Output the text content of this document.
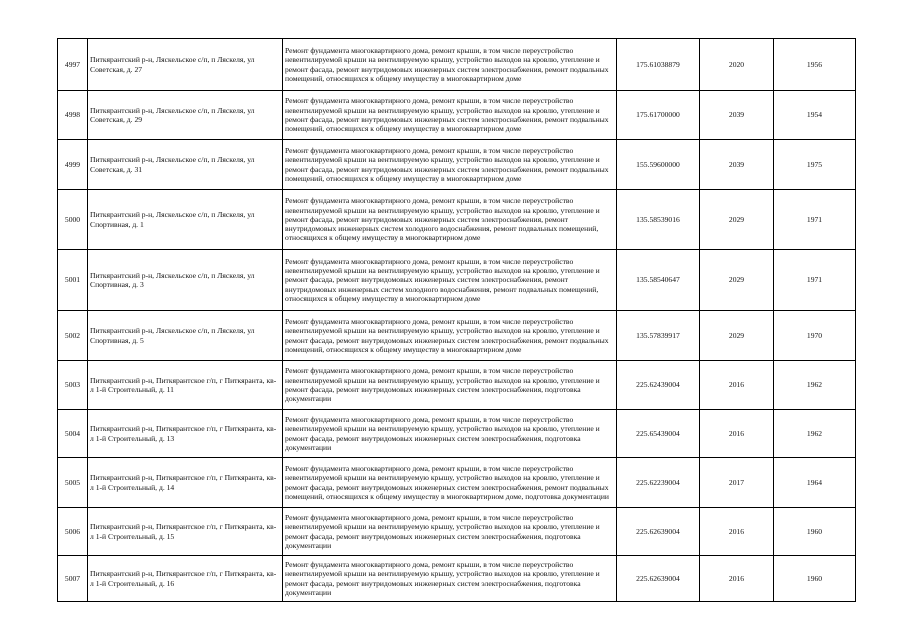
4997	Питкярантский р-н, Ляскельское с/п, п Ляскеля, ул Советская, д. 27	Ремонт фундамента многоквартирного дома, ремонт крыши, в том числе переустройство невентилируемой крыши на вентилируемую крышу, устройство выходов на кровлю, утепление и ремонт фасада, ремонт внутридомовых инженерных систем электроснабжения, ремонт подвальных помещений, относящихся к общему имуществу в многоквартирном доме	175.61038879	2020	1956
4998	Питкярантский р-н, Ляскельское с/п, п Ляскеля, ул Советская, д. 29	Ремонт фундамента многоквартирного дома, ремонт крыши, в том числе переустройство невентилируемой крыши на вентилируемую крышу, устройство выходов на кровлю, утепление и ремонт фасада, ремонт внутридомовых инженерных систем электроснабжения, ремонт подвальных помещений, относящихся к общему имуществу в многоквартирном доме	175.61700000	2039	1954
4999	Питкярантский р-н, Ляскельское с/п, п Ляскеля, ул Советская, д. 31	Ремонт фундамента многоквартирного дома, ремонт крыши, в том числе переустройство невентилируемой крыши на вентилируемую крышу, устройство выходов на кровлю, утепление и ремонт фасада, ремонт внутридомовых инженерных систем электроснабжения, ремонт подвальных помещений, относящихся к общему имуществу в многоквартирном доме	155.59600000	2039	1975
5000	Питкярантский р-н, Ляскельское с/п, п Ляскеля, ул Спортивная, д. 1	Ремонт фундамента многоквартирного дома, ремонт крыши, в том числе переустройство невентилируемой крыши на вентилируемую крышу, устройство выходов на кровлю, утепление и ремонт фасада, ремонт внутридомовых инженерных систем электроснабжения, ремонт внутридомовых инженерных систем холодного водоснабжения, ремонт подвальных помещений, относящихся к общему имуществу в многоквартирном доме	135.58539016	2029	1971
5001	Питкярантский р-н, Ляскельское с/п, п Ляскеля, ул Спортивная, д. 3	Ремонт фундамента многоквартирного дома, ремонт крыши, в том числе переустройство невентилируемой крыши на вентилируемую крышу, устройство выходов на кровлю, утепление и ремонт фасада, ремонт внутридомовых инженерных систем электроснабжения, ремонт внутридомовых инженерных систем холодного водоснабжения, ремонт подвальных помещений, относящихся к общему имуществу в многоквартирном доме	135.58540647	2029	1971
5002	Питкярантский р-н, Ляскельское с/п, п Ляскеля, ул Спортивная, д. 5	Ремонт фундамента многоквартирного дома, ремонт крыши, в том числе переустройство невентилируемой крыши на вентилируемую крышу, устройство выходов на кровлю, утепление и ремонт фасада, ремонт внутридомовых инженерных систем электроснабжения, ремонт подвальных помещений, относящихся к общему имуществу в многоквартирном доме	135.57839917	2029	1970
5003	Питкярантский р-н, Питкярантское г/п, г Питкяранта, кв-л 1-й Строительный, д. 11	Ремонт фундамента многоквартирного дома, ремонт крыши, в том числе переустройство невентилируемой крыши на вентилируемую крышу, устройство выходов на кровлю, утепление и ремонт фасада, ремонт внутридомовых инженерных систем электроснабжения, подготовка документации	225.62439004	2016	1962
5004	Питкярантский р-н, Питкярантское г/п, г Питкяранта, кв-л 1-й Строительный, д. 13	Ремонт фундамента многоквартирного дома, ремонт крыши, в том числе переустройство невентилируемой крыши на вентилируемую крышу, устройство выходов на кровлю, утепление и ремонт фасада, ремонт внутридомовых инженерных систем электроснабжения, подготовка документации	225.65439004	2016	1962
5005	Питкярантский р-н, Питкярантское г/п, г Питкяранта, кв-л 1-й Строительный, д. 14	Ремонт фундамента многоквартирного дома, ремонт крыши, в том числе переустройство невентилируемой крыши на вентилируемую крышу, устройство выходов на кровлю, утепление и ремонт фасада, ремонт внутридомовых инженерных систем электроснабжения, ремонт подвальных помещений, относящихся к общему имуществу в многоквартирном доме, подготовка документации	225.62239004	2017	1964
5006	Питкярантский р-н, Питкярантское г/п, г Питкяранта, кв-л 1-й Строительный, д. 15	Ремонт фундамента многоквартирного дома, ремонт крыши, в том числе переустройство невентилируемой крыши на вентилируемую крышу, устройство выходов на кровлю, утепление и ремонт фасада, ремонт внутридомовых инженерных систем электроснабжения, подготовка документации	225.62639004	2016	1960
5007	Питкярантский р-н, Питкярантское г/п, г Питкяранта, кв-л 1-й Строительный, д. 16	Ремонт фундамента многоквартирного дома, ремонт крыши, в том числе переустройство невентилируемой крыши на вентилируемую крышу, устройство выходов на кровлю, утепление и ремонт фасада, ремонт внутридомовых инженерных систем электроснабжения, подготовка документации	225.62639004	2016	1960
